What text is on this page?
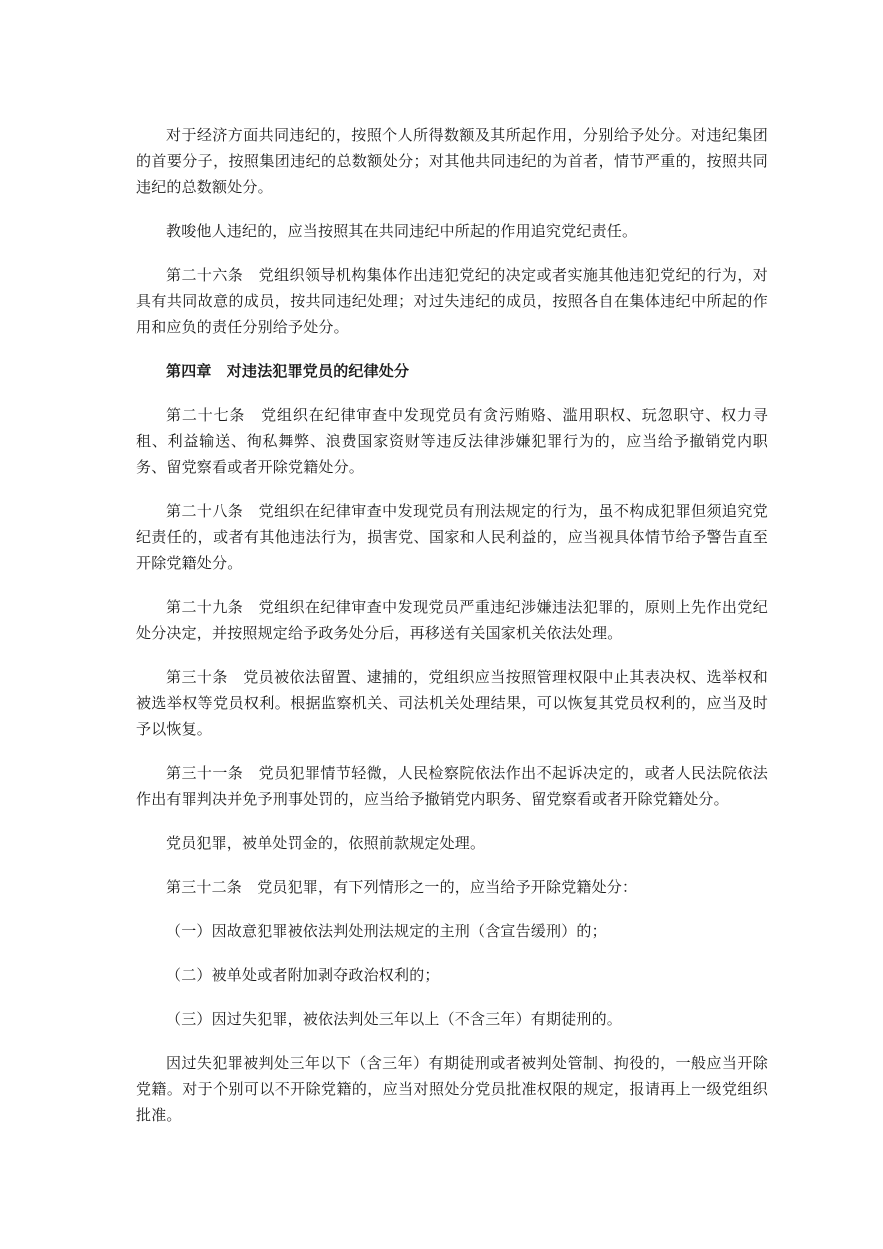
对于经济方面共同违纪的，按照个人所得数额及其所起作用，分别给予处分。对违纪集团的首要分子，按照集团违纪的总数额处分；对其他共同违纪的为首者，情节严重的，按照共同违纪的总数额处分。

教唆他人违纪的，应当按照其在共同违纪中所起的作用追究党纪责任。

第二十六条　党组织领导机构集体作出违犯党纪的决定或者实施其他违犯党纪的行为，对具有共同故意的成员，按共同违纪处理；对过失违纪的成员，按照各自在集体违纪中所起的作用和应负的责任分别给予处分。

第四章　对违法犯罪党员的纪律处分

第二十七条　党组织在纪律审查中发现党员有贪污贿赂、滥用职权、玩忽职守、权力寻租、利益输送、徇私舞弊、浪费国家资财等违反法律涉嫌犯罪行为的，应当给予撤销党内职务、留党察看或者开除党籍处分。

第二十八条　党组织在纪律审查中发现党员有刑法规定的行为，虽不构成犯罪但须追究党纪责任的，或者有其他违法行为，损害党、国家和人民利益的，应当视具体情节给予警告直至开除党籍处分。

第二十九条　党组织在纪律审查中发现党员严重违纪涉嫌违法犯罪的，原则上先作出党纪处分决定，并按照规定给予政务处分后，再移送有关国家机关依法处理。

第三十条　党员被依法留置、逮捕的，党组织应当按照管理权限中止其表决权、选举权和被选举权等党员权利。根据监察机关、司法机关处理结果，可以恢复其党员权利的，应当及时予以恢复。

第三十一条　党员犯罪情节轻微，人民检察院依法作出不起诉决定的，或者人民法院依法作出有罪判决并免予刑事处罚的，应当给予撤销党内职务、留党察看或者开除党籍处分。

党员犯罪，被单处罚金的，依照前款规定处理。

第三十二条　党员犯罪，有下列情形之一的，应当给予开除党籍处分：

（一）因故意犯罪被依法判处刑法规定的主刑（含宣告缓刑）的；

（二）被单处或者附加剥夺政治权利的；

（三）因过失犯罪，被依法判处三年以上（不含三年）有期徒刑的。

因过失犯罪被判处三年以下（含三年）有期徒刑或者被判处管制、拘役的，一般应当开除党籍。对于个别可以不开除党籍的，应当对照处分党员批准权限的规定，报请再上一级党组织批准。
